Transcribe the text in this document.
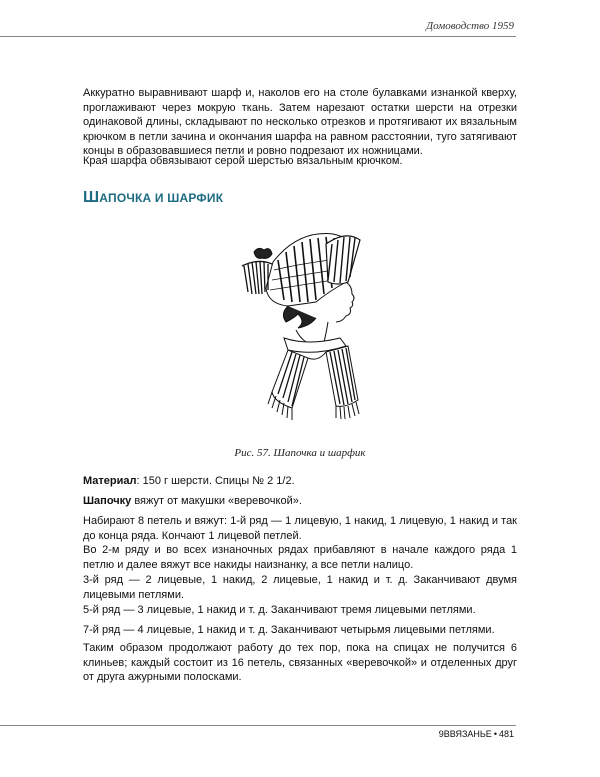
Домоводство 1959

Аккуратно выравнивают шарф и, наколов его на столе булавками изнанкой кверху, проглаживают через мокрую ткань. Затем нарезают остатки шерсти на отрезки одинаковой длины, складывают по несколько отрезков и протягивают их вязальным крючком в петли зачина и окончания шарфа на равном расстоянии, туго затягивают концы в образовавшиеся петли и ровно подрезают их ножницами.

Края шарфа обвязывают серой шерстью вязальным крючком.

ШАПОЧКА И ШАРФИК
Рис. 57. Шапочка и шарфик

Материал: 150 г шерсти. Спицы № 2 1/2.

Шапочку вяжут от макушки «веревочкой».

Набирают 8 петель и вяжут: 1-й ряд — 1 лицевую, 1 накид, 1 лицевую, 1 накид и так до конца ряда. Кончают 1 лицевой петлей.

Во 2-м ряду и во всех изнаночных рядах прибавляют в начале каждого ряда 1 петлю и далее вяжут все накиды наизнанку, а все петли налицо.

3-й ряд — 2 лицевые, 1 накид, 2 лицевые, 1 накид и т. д. Заканчивают двумя лицевыми петлями.

5-й ряд — 3 лицевые, 1 накид и т. д. Заканчивают тремя лицевыми петлями.

7-й ряд — 4 лицевые, 1 накид и т. д. Заканчивают четырьмя лицевыми петлями.

Таким образом продолжают работу до тех пор, пока на спицах не получится 6 клиньев; каждый состоит из 16 петель, связанных «веревочкой» и отделенных друг от друга ажурными полосками.

9ВВЯЗАНЬЕ • 481
